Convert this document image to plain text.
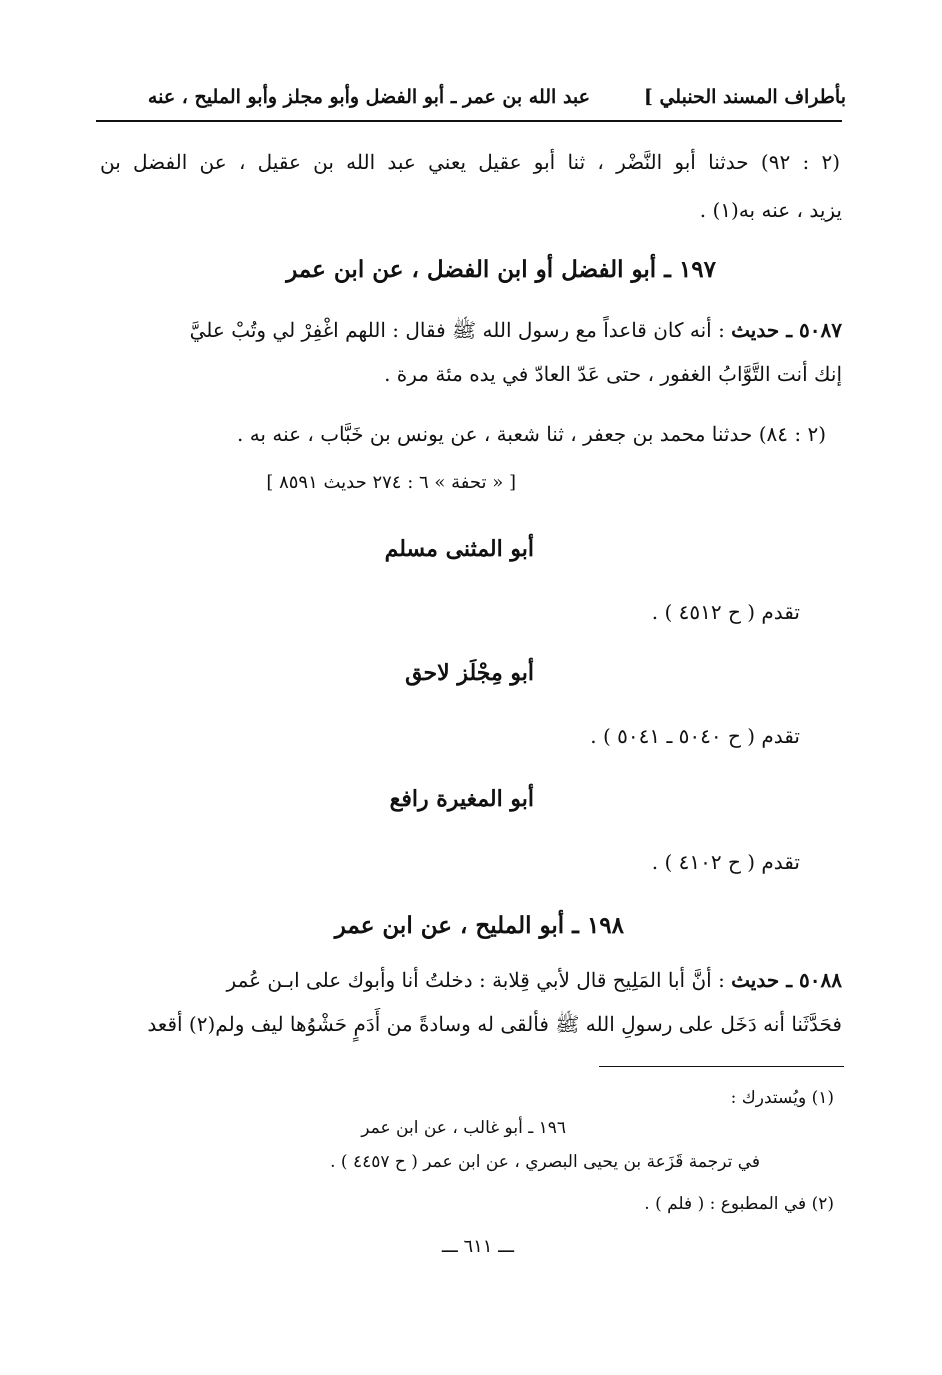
بأطراف المسند الحنبلي ]
عبد الله بن عمر ـ أبو الفضل وأبو مجلز وأبو المليح ، عنه
(٢ : ٩٢) حدثنا أبو النَّضْر ، ثنا أبو عقيل يعني عبد الله بن عقيل ، عن الفضل بن
يزيد ، عنه به(١) .
١٩٧ ـ أبو الفضل أو ابن الفضل ، عن ابن عمر
٥٠٨٧ ـ حديث : أنه كان قاعداً مع رسول الله ﷺ فقال : اللهم اغْفِرْ لي وتُبْ عليَّ
إنك أنت التَّوَّابُ الغفور ، حتى عَدّ العادّ في يده مئة مرة .
(٢ : ٨٤) حدثنا محمد بن جعفر ، ثنا شعبة ، عن يونس بن خَبَّاب ، عنه به .
[ « تحفة » ٦ : ٢٧٤ حديث ٨٥٩١ ]
أبو المثنى مسلم
تقدم ( ح ٤٥١٢ ) .
أبو مِجْلَز لاحق
تقدم ( ح ٥٠٤٠ ـ ٥٠٤١ ) .
أبو المغيرة رافع
تقدم ( ح ٤١٠٢ ) .
١٩٨ ـ أبو المليح ، عن ابن عمر
٥٠٨٨ ـ حديث : أنَّ أبا المَلِيح قال لأبي قِلابة : دخلتُ أنا وأبوك على ابـن عُمر
فحَدَّثَنا أنه دَخَل على رسولِ الله ﷺ فألقى له وسادةً من أَدَمٍ حَشْوُها ليف ولم(٢) أقعد
(١) ويُستدرك :
١٩٦ ـ أبو غالب ، عن ابن عمر
في ترجمة قَزَعة بن يحيى البصري ، عن ابن عمر ( ح ٤٤٥٧ ) .
(٢) في المطبوع : ( فلم ) .
ـــ ٦١١ ـــ
